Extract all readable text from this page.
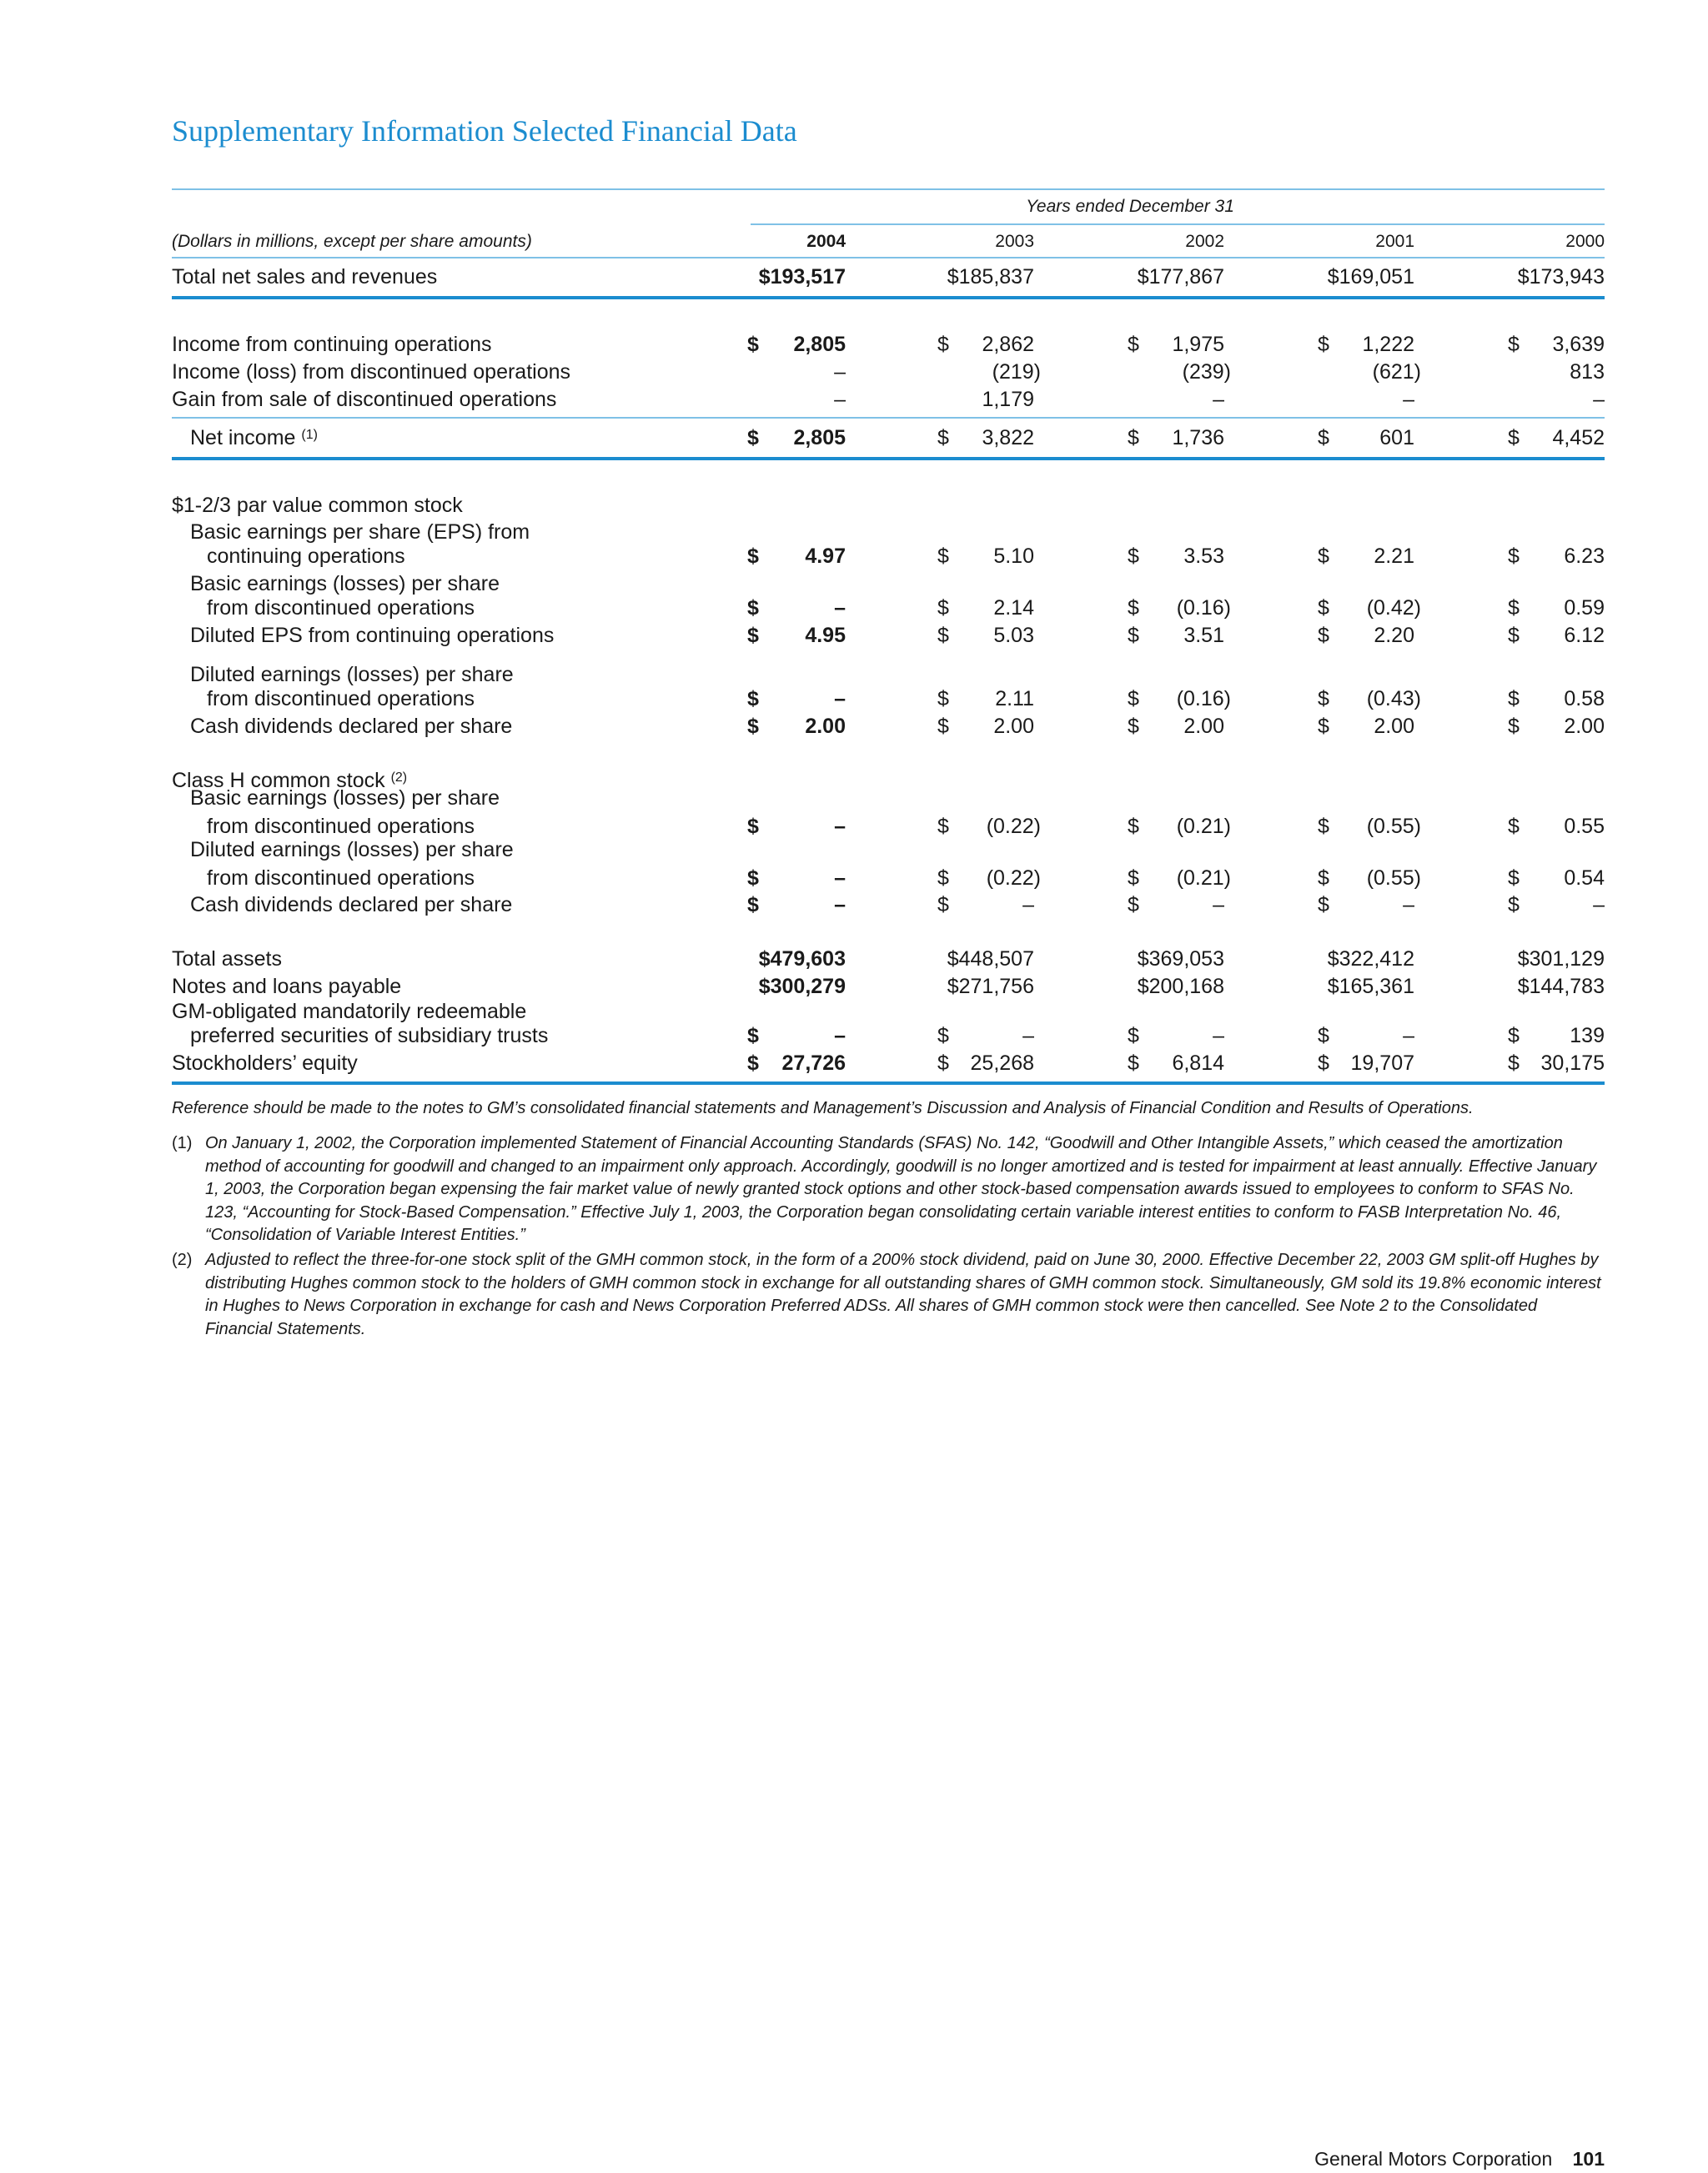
Supplementary Information Selected Financial Data
Years ended December 31
(Dollars in millions, except per share amounts)	2004	2003	2002	2001	2000
Total net sales and revenues	$193,517	$185,837	$177,867	$169,051	$173,943
Income from continuing operations	$	2,805	$	2,862	$	1,975	$	1,222	$	3,639
Income (loss) from discontinued operations	–	(219)	(239)	(621)	813
Gain from sale of discontinued operations	–	1,179	–	–	–
Net income $^{(1)}$	$	2,805	$	3,822	$	1,736	$	601	$	4,452
$1-2/3 par value common stock
Basic earnings per share (EPS) from
continuing operations	$	4.97	$	5.10	$	3.53	$	2.21	$	6.23
Basic earnings (losses) per share
from discontinued operations	$	–	$	2.14	$	(0.16)	$	(0.42)	$	0.59
Diluted EPS from continuing operations	$	4.95	$	5.03	$	3.51	$	2.20	$	6.12
Diluted earnings (losses) per share
from discontinued operations	$	–	$	2.11	$	(0.16)	$	(0.43)	$	0.58
Cash dividends declared per share	$	2.00	$	2.00	$	2.00	$	2.00	$	2.00
Class H common stock $^{(2)}$
Basic earnings (losses) per share
from discontinued operations	$	–	$	(0.22)	$	(0.21)	$	(0.55)	$	0.55
Diluted earnings (losses) per share
from discontinued operations	$	–	$	(0.22)	$	(0.21)	$	(0.55)	$	0.54
Cash dividends declared per share	$	–	$	–	$	–	$	–	$	–
Total assets	$479,603	$448,507	$369,053	$322,412	$301,129
Notes and loans payable	$300,279	$271,756	$200,168	$165,361	$144,783
GM-obligated mandatorily redeemable
preferred securities of subsidiary trusts	$	–	$	–	$	–	$	–	$	139
Stockholders’ equity	$	27,726	$	25,268	$	6,814	$	19,707	$	30,175
Reference should be made to the notes to GM’s consolidated financial statements and Management’s Discussion and Analysis of Financial Condition and Results of Operations.
(1) On January 1, 2002, the Corporation implemented Statement of Financial Accounting Standards (SFAS) No. 142, “Goodwill and Other Intangible Assets,” which ceased the amortization method of accounting for goodwill and changed to an impairment only approach. Accordingly, goodwill is no longer amortized and is tested for impairment at least annually. Effective January 1, 2003, the Corporation began expensing the fair market value of newly granted stock options and other stock-based compensation awards issued to employees to conform to SFAS No. 123, “Accounting for Stock-Based Compensation.” Effective July 1, 2003, the Corporation began consolidating certain variable interest entities to conform to FASB Interpretation No. 46, “Consolidation of Variable Interest Entities.”
(2) Adjusted to reflect the three-for-one stock split of the GMH common stock, in the form of a 200% stock dividend, paid on June 30, 2000. Effective December 22, 2003 GM split-off Hughes by distributing Hughes common stock to the holders of GMH common stock in exchange for all outstanding shares of GMH common stock. Simultaneously, GM sold its 19.8% economic interest in Hughes to News Corporation in exchange for cash and News Corporation Preferred ADSs. All shares of GMH common stock were then cancelled. See Note 2 to the Consolidated Financial Statements.
General Motors Corporation 101
